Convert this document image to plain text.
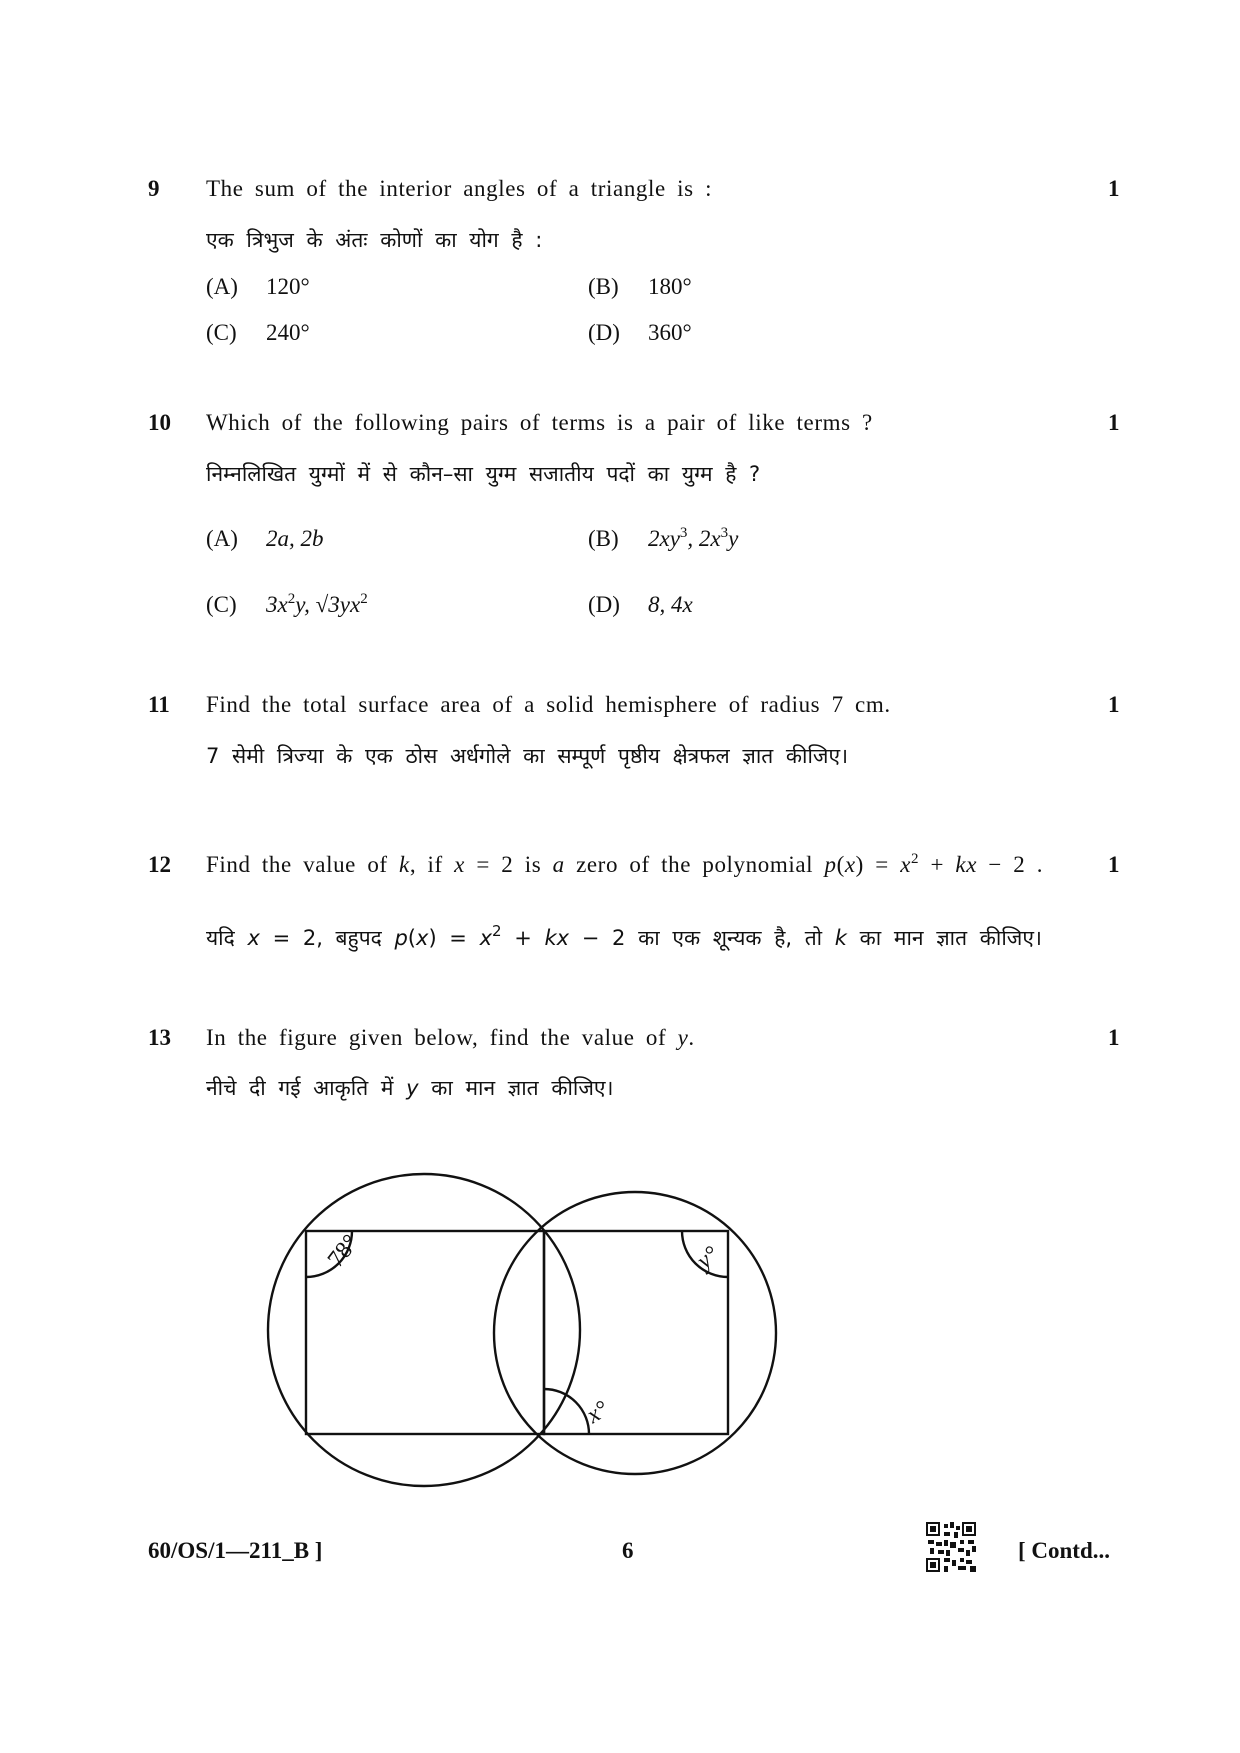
9 The sum of the interior angles of a triangle is :	1
एक त्रिभुज के अंतः कोणों का योग है :
(A) 120°	(B) 180°
(C) 240°	(D) 360°
10 Which of the following pairs of terms is a pair of like terms ?	1
निम्नलिखित युग्मों में से कौन–सा युग्म सजातीय पदों का युग्म है ?
(A) 2a, 2b	(B) $2xy^3$, $2x^3y$
(C) $3x^2y$, $√3yx^2$	(D) 8, 4x
11 Find the total surface area of a solid hemisphere of radius 7 cm.	1
7 सेमी त्रिज्या के एक ठोस अर्धगोले का सम्पूर्ण पृष्ठीय क्षेत्रफल ज्ञात कीजिए।
12 Find the value of k, if x = 2 is a zero of the polynomial $p(x) = x^2$ + kx − 2 .	1
यदि x = 2, बहुपद $p(x) = x^2$ + kx − 2 का एक शून्यक है, तो k का मान ज्ञात कीजिए।
13 In the figure given below, find the value of y.	1
नीचे दी गई आकृति में y का मान ज्ञात कीजिए।
78°	y°
x°
60/OS/1—211_B ]	6	[ Contd...
